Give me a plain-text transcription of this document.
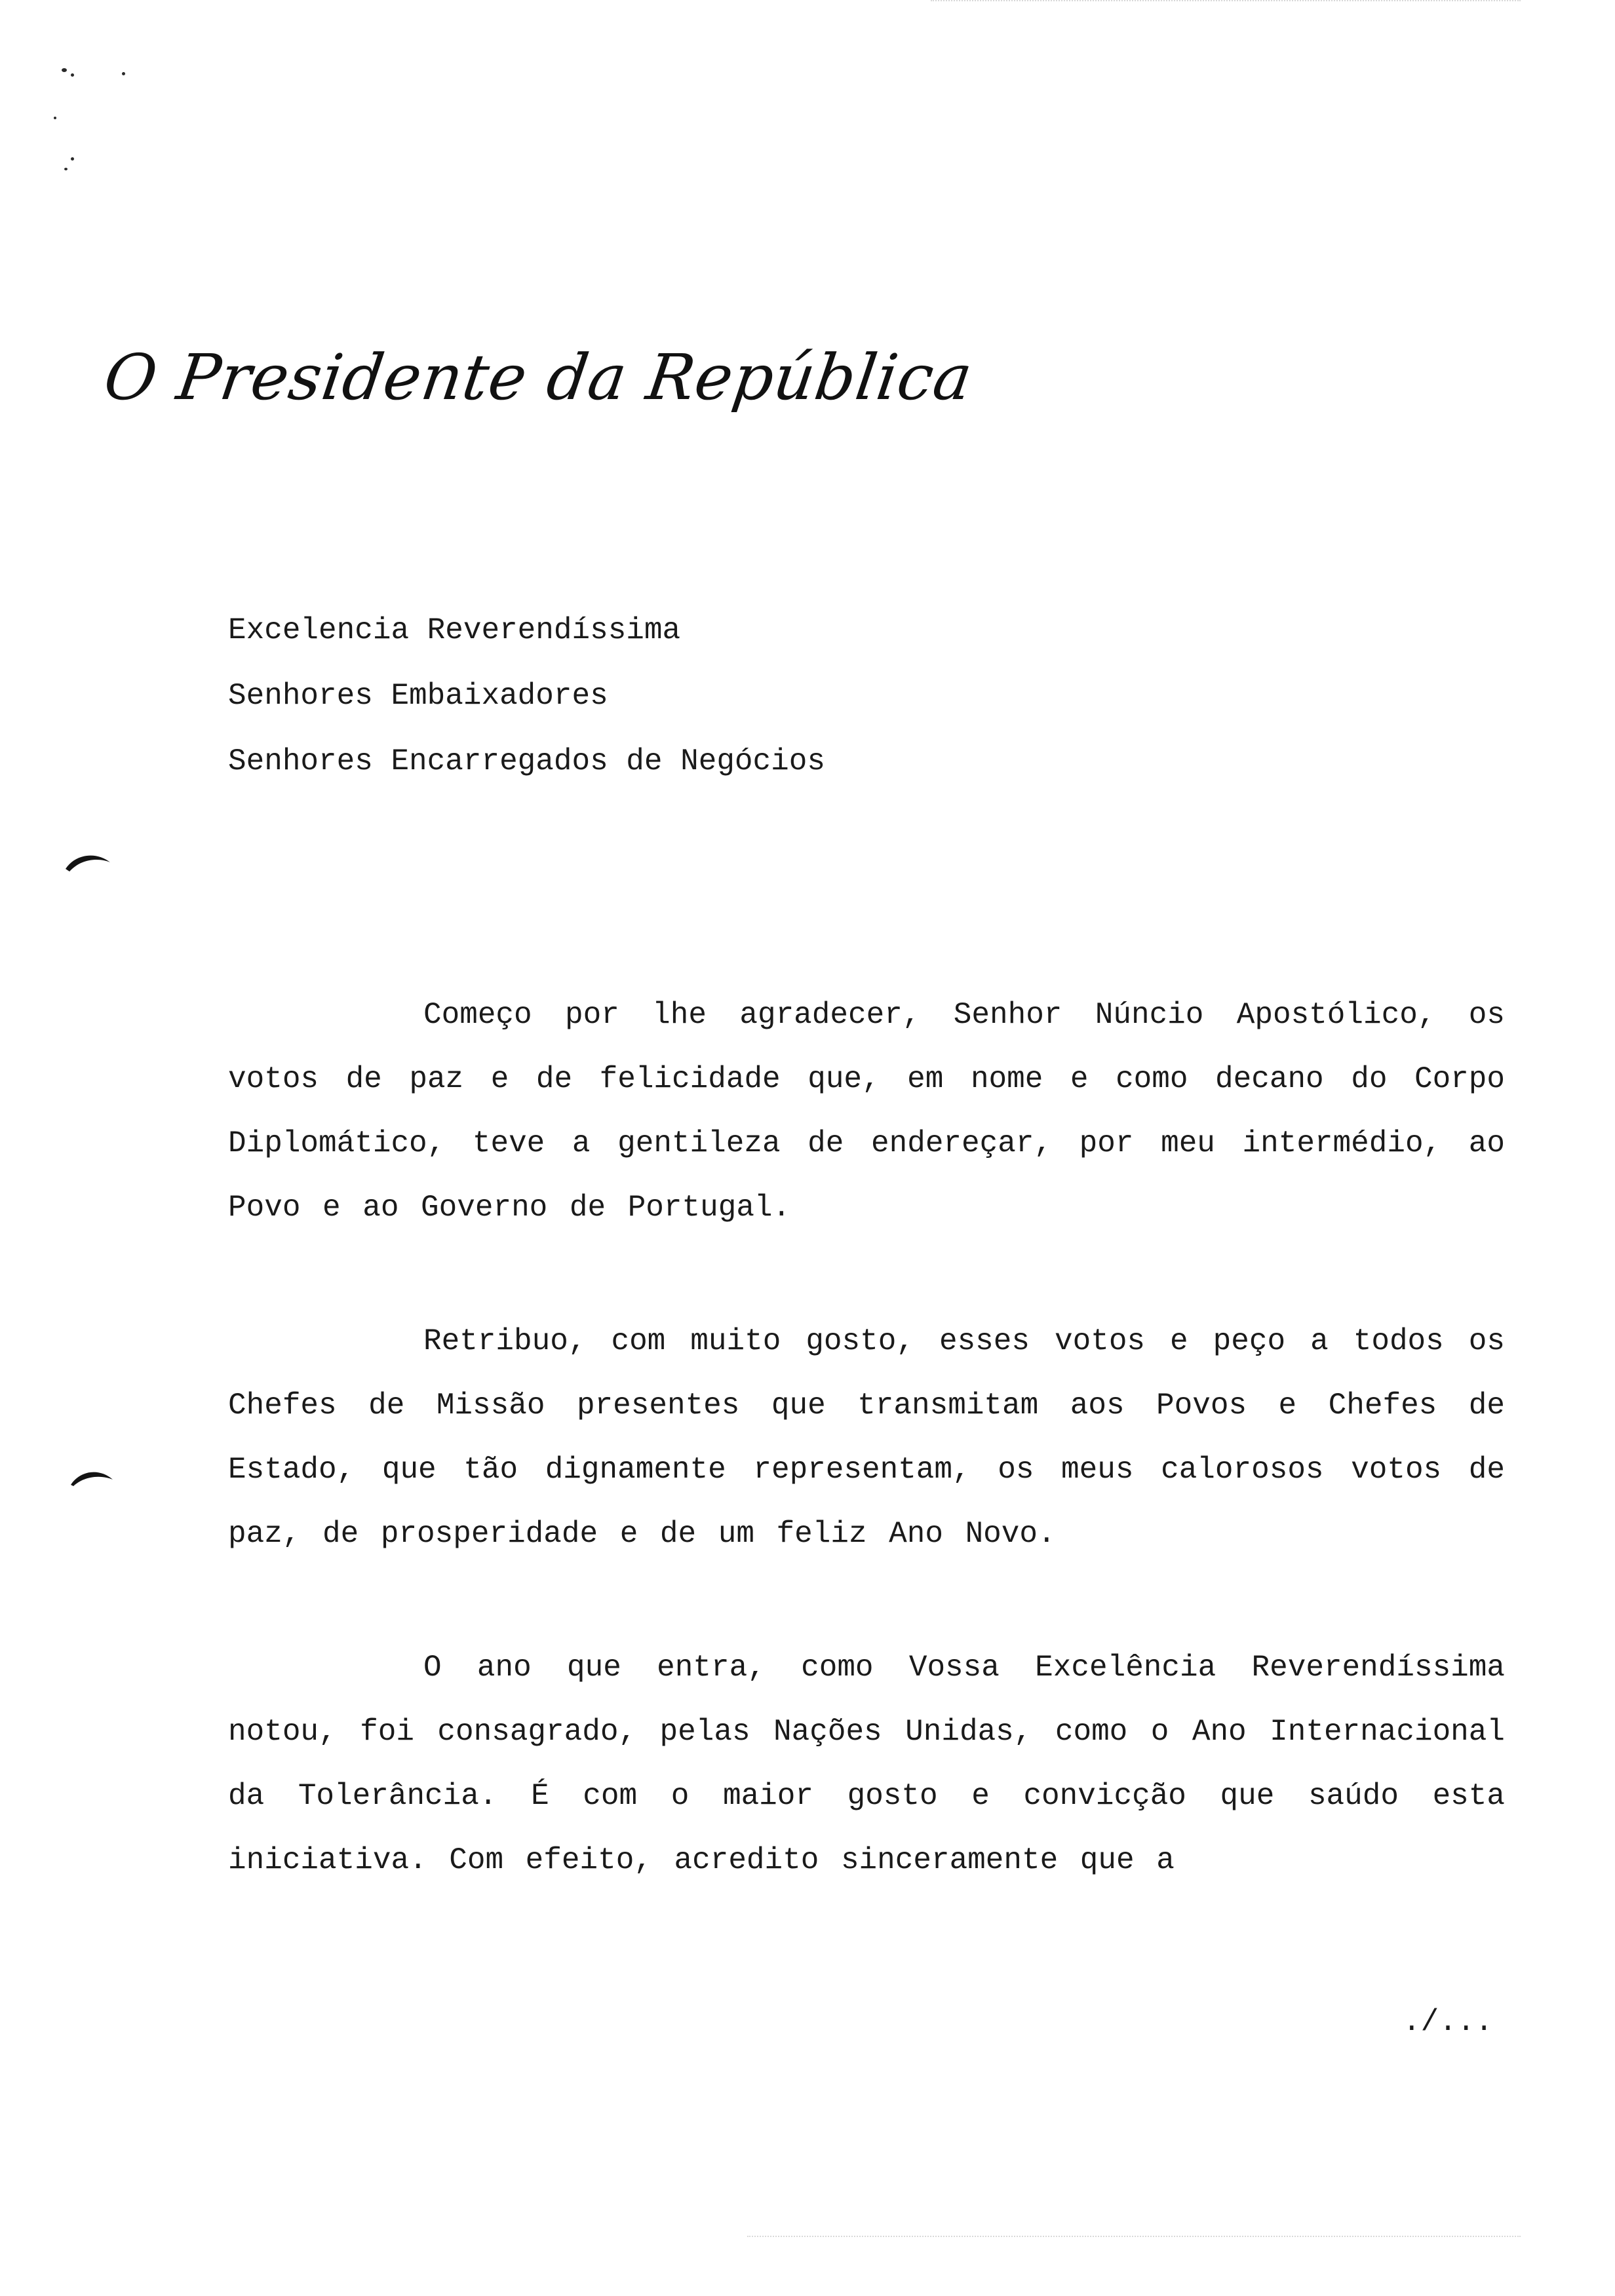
O Presidente da República
Excelencia Reverendíssima
Senhores Embaixadores
Senhores Encarregados de Negócios

Começo por lhe agradecer, Senhor Núncio Apostólico, os votos de paz e de felicidade que, em nome e como decano do Corpo Diplomático, teve a gentileza de endereçar, por meu intermédio, ao Povo e ao Governo de Portugal.

Retribuo, com muito gosto, esses votos e peço a todos os Chefes de Missão presentes que transmitam aos Povos e Chefes de Estado, que tão dignamente representam, os meus calorosos votos de paz, de prosperidade e de um feliz Ano Novo.

O ano que entra, como Vossa Excelência Reverendíssima notou, foi consagrado, pelas Nações Unidas, como o Ano Internacional da Tolerância. É com o maior gosto e convicção que saúdo esta iniciativa. Com efeito, acredito sinceramente que a

./...
